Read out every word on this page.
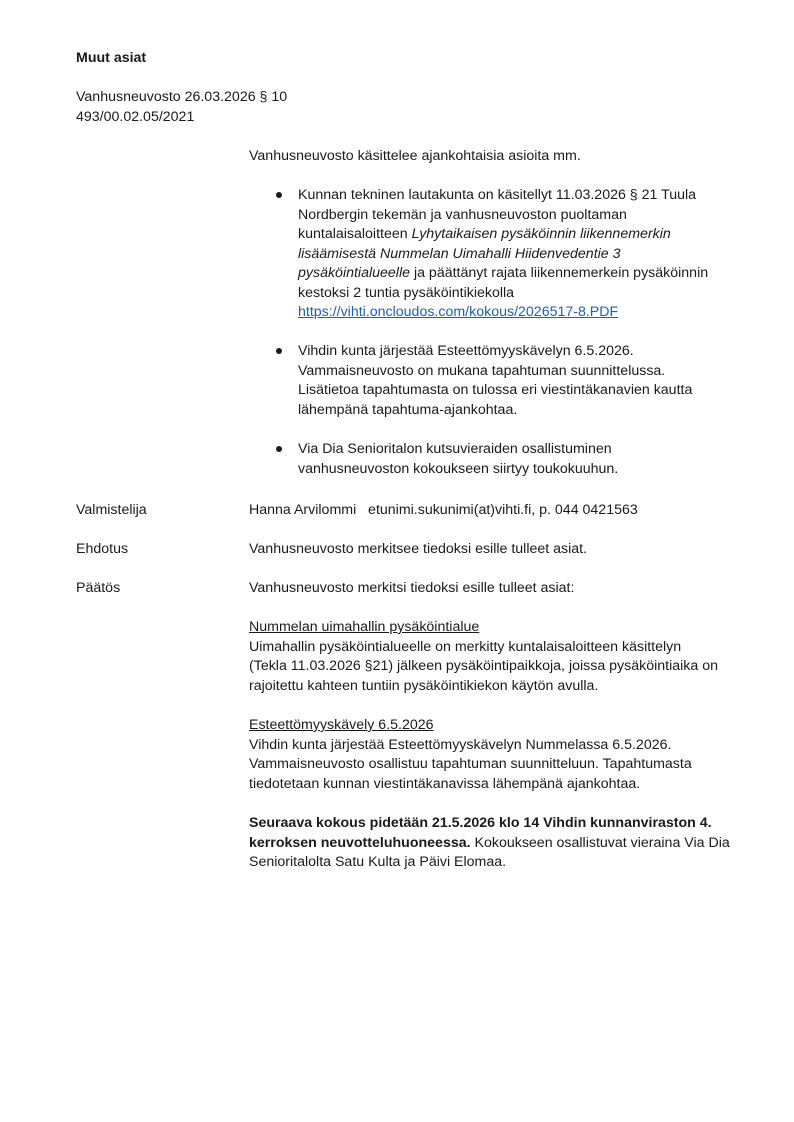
Muut asiat
Vanhusneuvosto 26.03.2026 § 10
493/00.02.05/2021
Vanhusneuvosto käsittelee ajankohtaisia asioita mm.
Kunnan tekninen lautakunta on käsitellyt 11.03.2026 § 21 Tuula
Nordbergin tekemän ja vanhusneuvoston puoltaman
kuntalaisaloitteen Lyhytaikaisen pysäköinnin liikennemerkin
lisäämisestä Nummelan Uimahalli Hiidenvedentie 3
pysäköintialueelle ja päättänyt rajata liikennemerkein pysäköinnin
kestoksi 2 tuntia pysäköintikiekolla
https://vihti.oncloudos.com/kokous/2026517-8.PDF
Vihdin kunta järjestää Esteettömyyskävelyn 6.5.2026.
Vammaisneuvosto on mukana tapahtuman suunnittelussa.
Lisätietoa tapahtumasta on tulossa eri viestintäkanavien kautta
lähempänä tapahtuma-ajankohtaa.
Via Dia Senioritalon kutsuvieraiden osallistuminen
vanhusneuvoston kokoukseen siirtyy toukokuuhun.
Valmistelija	Hanna Arvilommi   etunimi.sukunimi(at)vihti.fi, p. 044 0421563
Ehdotus	Vanhusneuvosto merkitsee tiedoksi esille tulleet asiat.
Päätös	Vanhusneuvosto merkitsi tiedoksi esille tulleet asiat:
Nummelan uimahallin pysäköintialue
Uimahallin pysäköintialueelle on merkitty kuntalaisaloitteen käsittelyn
(Tekla 11.03.2026 §21) jälkeen pysäköintipaikkoja, joissa pysäköintiaika on
rajoitettu kahteen tuntiin pysäköintikiekon käytön avulla.
Esteettömyyskävely 6.5.2026
Vihdin kunta järjestää Esteettömyyskävelyn Nummelassa 6.5.2026.
Vammaisneuvosto osallistuu tapahtuman suunnitteluun. Tapahtumasta
tiedotetaan kunnan viestintäkanavissa lähempänä ajankohtaa.
Seuraava kokous pidetään 21.5.2026 klo 14 Vihdin kunnanviraston 4.
kerroksen neuvotteluhuoneessa. Kokoukseen osallistuvat vieraina Via Dia
Senioritalolta Satu Kulta ja Päivi Elomaa.
